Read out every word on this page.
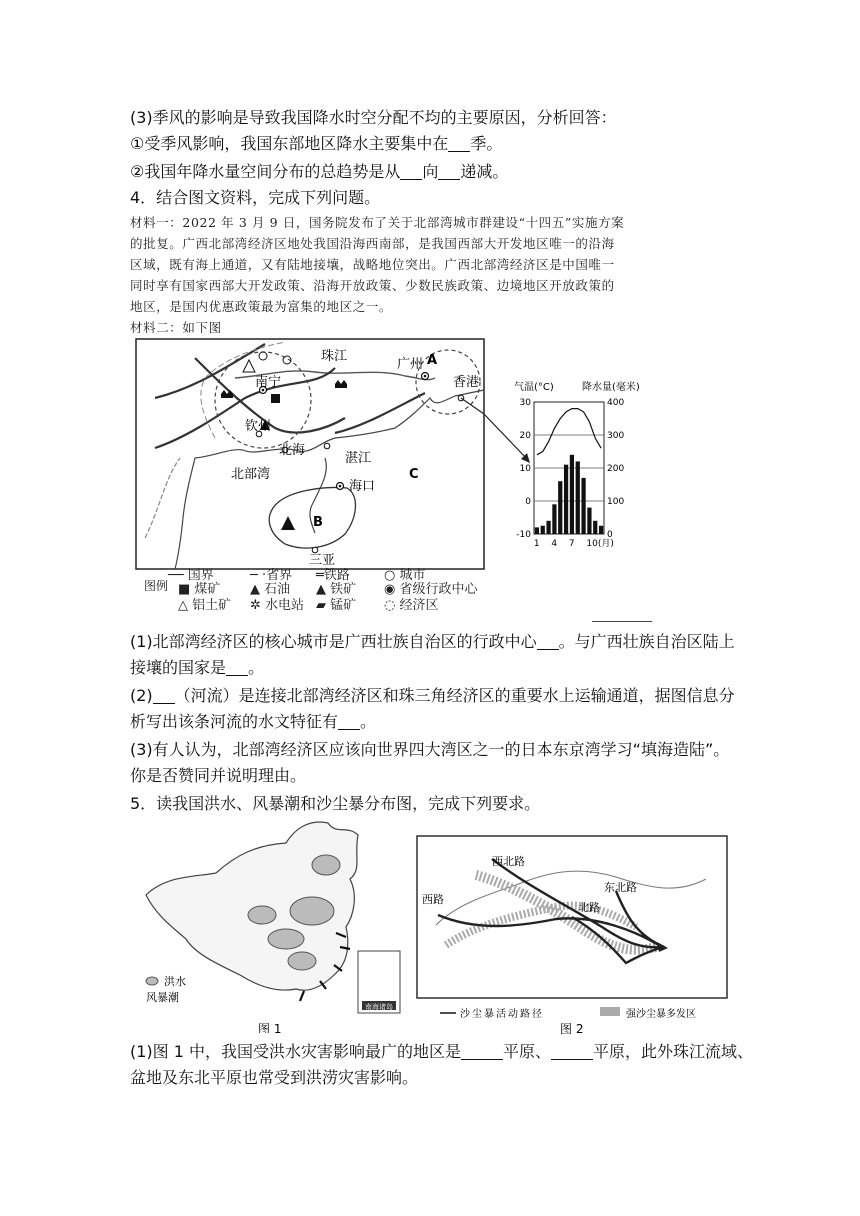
(3)季风的影响是导致我国降水时空分配不均的主要原因，分析回答：
①受季风影响，我国东部地区降水主要集中在 季。
②我国年降水量空间分布的总趋势是从 向 递减。
4．结合图文资料，完成下列问题。
材料一：2022 年 3 月 9 日，国务院发布了关于北部湾城市群建设“十四五”实施方案
的批复。广西北部湾经济区地处我国沿海西南部，是我国西部大开发地区唯一的沿海
区域，既有海上通道，又有陆地接壤，战略地位突出。广西北部湾经济区是中国唯一
同时享有国家西部大开发政策、沿海开放政策、少数民族政策、边境地区开放政策的
地区，是国内优惠政策最为富集的地区之一。
材料二：如下图
珠江
广州
香港
南宁
钦州
北海
湛江
北部湾
海口
三亚
A
B
C
图例
── 国界	─ ·省界 ═铁路	○ 城市
■ 煤矿 ▲ 石油 ▲ 铁矿 ◉ 省级行政中心
△ 铝土矿 ✲ 水电站 ▰ 锰矿 ◌ 经济区
气温(°C)	降水量(毫米)
30	400
20	300
10	200
0	100
-10	0
1 4 7 10(月)
(1)北部湾经济区的核心城市是广西壮族自治区的行政中心 。与广西壮族自治区陆上
接壤的国家是 。
(2) （河流）是连接北部湾经济区和珠三角经济区的重要水上运输通道，据图信息分
析写出该条河流的水文特征有 。
(3)有人认为，北部湾经济区应该向世界四大湾区之一的日本东京湾学习“填海造陆”。
你是否赞同并说明理由。
5．读我国洪水、风暴潮和沙尘暴分布图，完成下列要求。
南海诸岛
洪水
风暴潮
图 1
西北路
西路
北路
东北路
沙尘暴活动路径	强沙尘暴多发区
图 2
(1)图 1 中，我国受洪水灾害影响最广的地区是	平原、	平原，此外珠江流域、
盆地及东北平原也常受到洪涝灾害影响。
